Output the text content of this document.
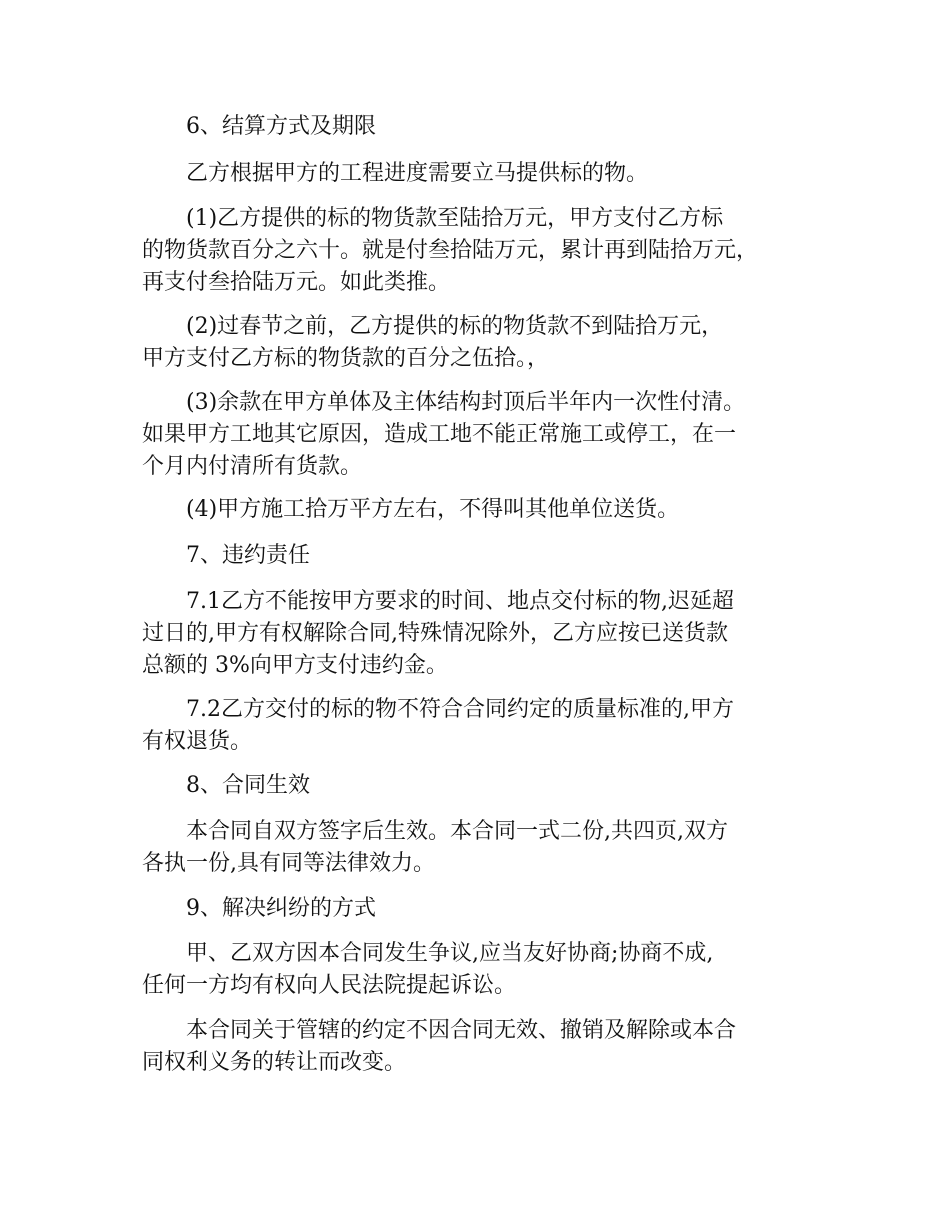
6、结算方式及期限

乙方根据甲方的工程进度需要立马提供标的物。

(1)乙方提供的标的物货款至陆拾万元，甲方支付乙方标
的物货款百分之六十。就是付叁拾陆万元，累计再到陆拾万元，
再支付叁拾陆万元。如此类推。

(2)过春节之前，乙方提供的标的物货款不到陆拾万元，
甲方支付乙方标的物货款的百分之伍拾。，

(3)余款在甲方单体及主体结构封顶后半年内一次性付清。
如果甲方工地其它原因，造成工地不能正常施工或停工，在一
个月内付清所有货款。

(4)甲方施工拾万平方左右，不得叫其他单位送货。

7、违约责任

7.1乙方不能按甲方要求的时间、地点交付标的物,迟延超
过日的,甲方有权解除合同,特殊情况除外，乙方应按已送货款
总额的 3%向甲方支付违约金。

7.2乙方交付的标的物不符合合同约定的质量标准的,甲方
有权退货。

8、合同生效

本合同自双方签字后生效。本合同一式二份,共四页,双方
各执一份,具有同等法律效力。

9、解决纠纷的方式

甲、乙双方因本合同发生争议,应当友好协商;协商不成,
任何一方均有权向人民法院提起诉讼。

本合同关于管辖的约定不因合同无效、撤销及解除或本合
同权利义务的转让而改变。
